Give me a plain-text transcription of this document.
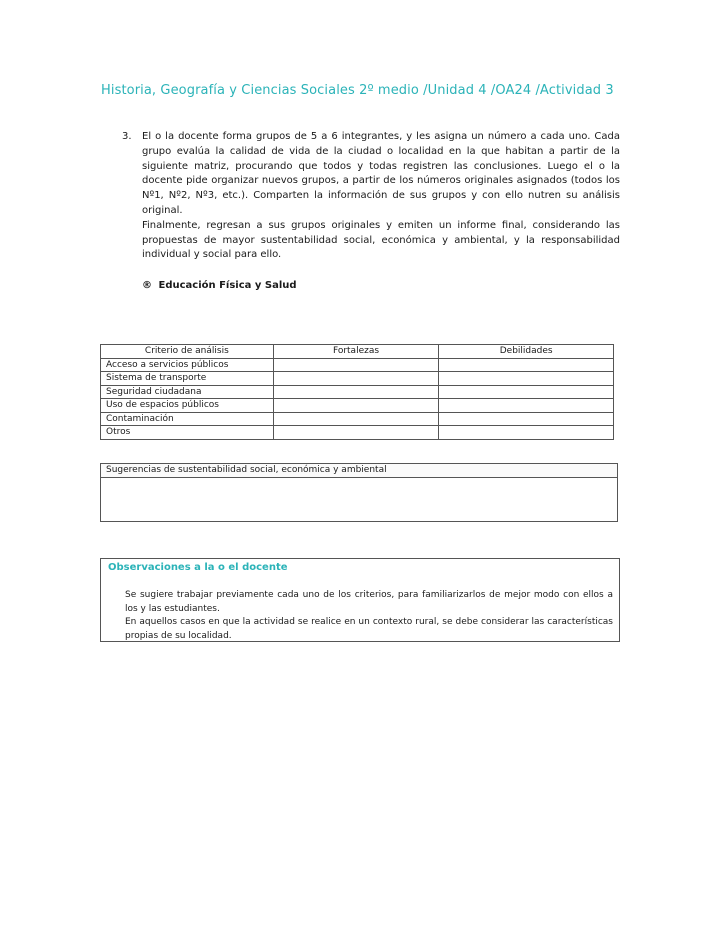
Historia, Geografía y Ciencias Sociales 2º medio /Unidad 4 /OA24 /Actividad 3
3. El o la docente forma grupos de 5 a 6 integrantes, y les asigna un número a cada uno. Cada grupo evalúa la calidad de vida de la ciudad o localidad en la que habitan a partir de la siguiente matriz, procurando que todos y todas registren las conclusiones. Luego el o la docente pide organizar nuevos grupos, a partir de los números originales asignados (todos los Nº1, Nº2, Nº3, etc.). Comparten la información de sus grupos y con ello nutren su análisis original.

Finalmente, regresan a sus grupos originales y emiten un informe final, considerando las propuestas de mayor sustentabilidad social, económica y ambiental, y la responsabilidad individual y social para ello.

® Educación Física y Salud
Criterio de análisis	Fortalezas	Debilidades
Acceso a servicios públicos		
Sistema de transporte		
Seguridad ciudadana		
Uso de espacios públicos		
Contaminación		
Otros		
Sugerencias de sustentabilidad social, económica y ambiental
Observaciones a la o el docente

Se sugiere trabajar previamente cada uno de los criterios, para familiarizarlos de mejor modo con ellos a los y las estudiantes.

En aquellos casos en que la actividad se realice en un contexto rural, se debe considerar las características propias de su localidad.
